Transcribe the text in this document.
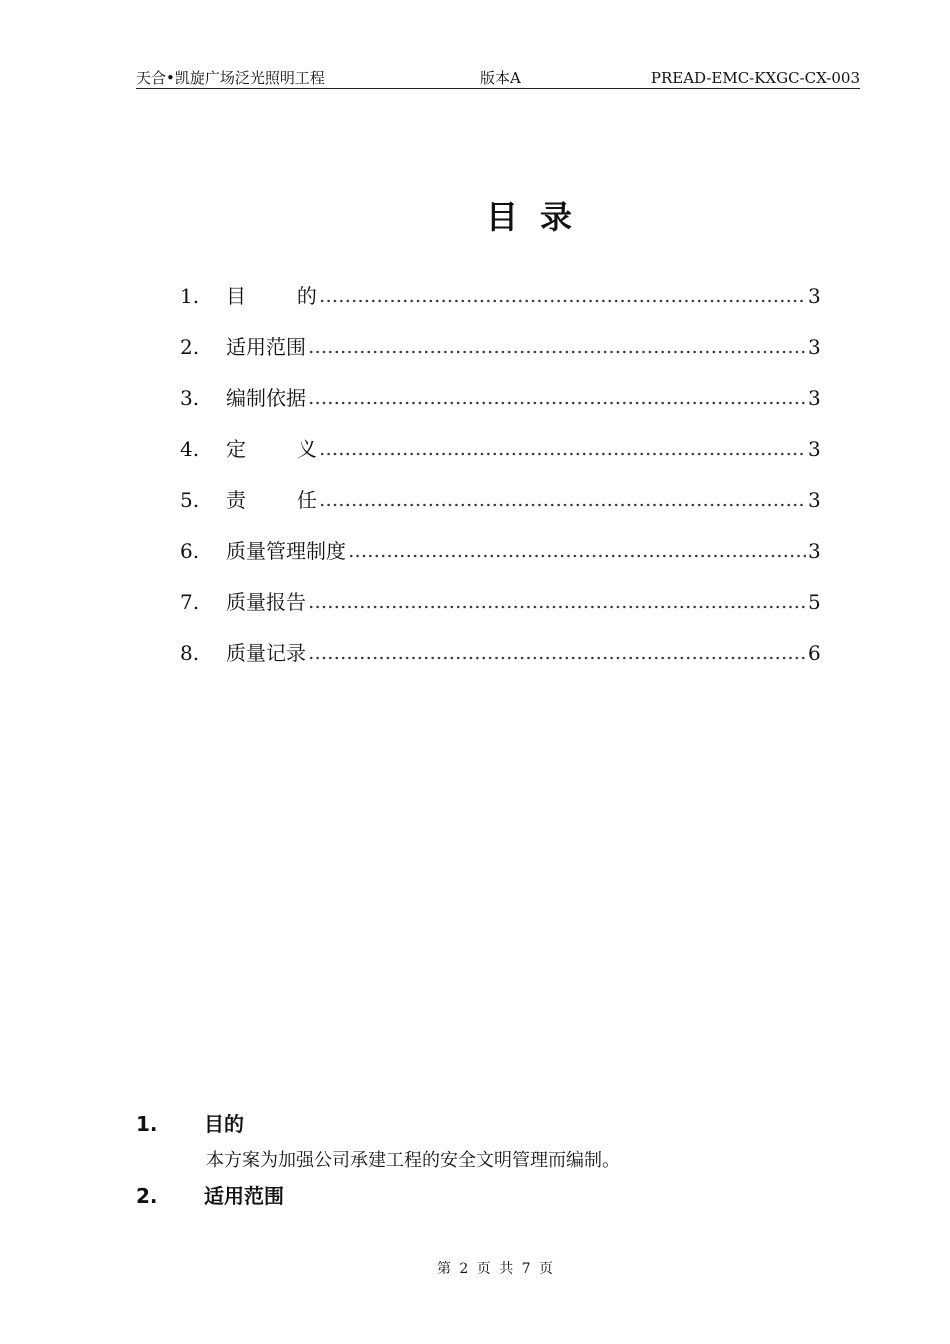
天合•凯旋广场泛光照明工程	版本A	PREAD-EMC-KXGC-CX-003
目录
1.	目        的	3
2.	适用范围	3
3.	编制依据	3
4.	定        义	3
5.	责        任	3
6.	质量管理制度	3
7.	质量报告	5
8.	质量记录	6
1. 目的
本方案为加强公司承建工程的安全文明管理而编制。
2. 适用范围
第 2 页 共 7 页
